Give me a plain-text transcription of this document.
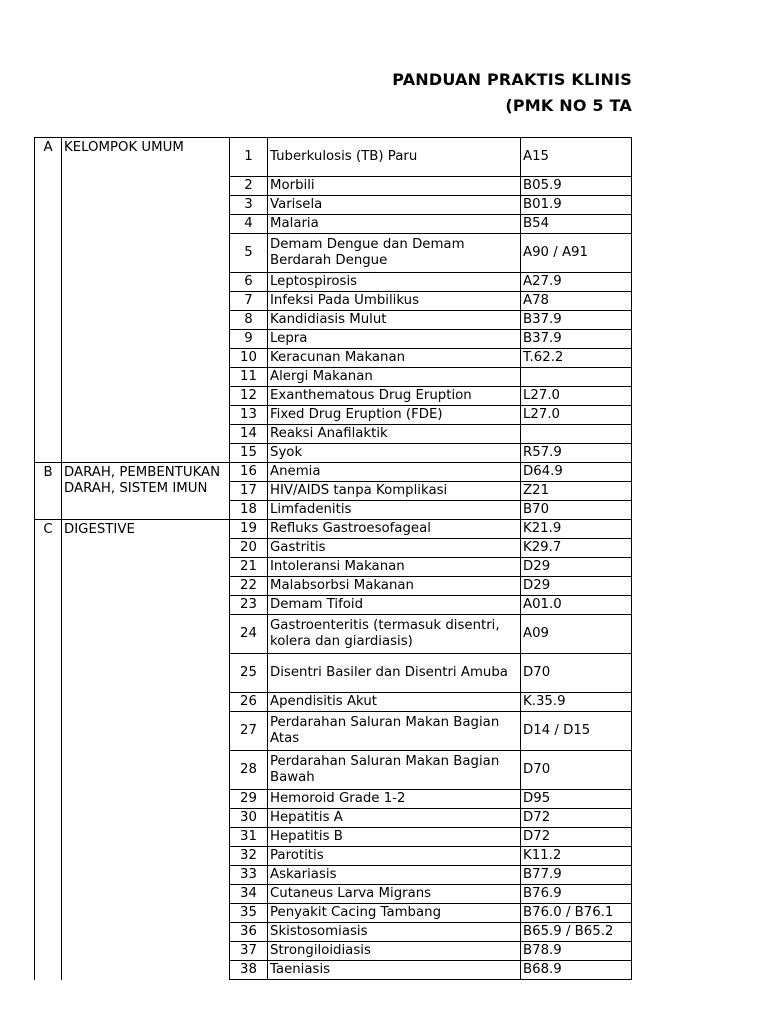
PANDUAN PRAKTIS KLINIS
(PMK NO 5 TA
A	KELOMPOK UMUM	1	Tuberkulosis (TB) Paru	A15
		2	Morbili	B05.9
		3	Varisela	B01.9
		4	Malaria	B54
		5	Demam Dengue dan Demam Berdarah Dengue	A90 / A91
		6	Leptospirosis	A27.9
		7	Infeksi Pada Umbilikus	A78
		8	Kandidiasis Mulut	B37.9
		9	Lepra	B37.9
		10	Keracunan Makanan	T.62.2
		11	Alergi Makanan	
		12	Exanthematous Drug Eruption	L27.0
		13	Fixed Drug Eruption (FDE)	L27.0
		14	Reaksi Anafilaktik	
		15	Syok	R57.9
B	DARAH, PEMBENTUKAN DARAH, SISTEM IMUN	16	Anemia	D64.9
		17	HIV/AIDS tanpa Komplikasi	Z21
		18	Limfadenitis	B70
C	DIGESTIVE	19	Refluks Gastroesofageal	K21.9
		20	Gastritis	K29.7
		21	Intoleransi Makanan	D29
		22	Malabsorbsi Makanan	D29
		23	Demam Tifoid	A01.0
		24	Gastroenteritis (termasuk disentri, kolera dan giardiasis)	A09
		25	Disentri Basiler dan Disentri Amuba	D70
		26	Apendisitis Akut	K.35.9
		27	Perdarahan Saluran Makan Bagian Atas	D14 / D15
		28	Perdarahan Saluran Makan Bagian Bawah	D70
		29	Hemoroid Grade 1-2	D95
		30	Hepatitis A	D72
		31	Hepatitis B	D72
		32	Parotitis	K11.2
		33	Askariasis	B77.9
		34	Cutaneus Larva Migrans	B76.9
		35	Penyakit Cacing Tambang	B76.0 / B76.1
		36	Skistosomiasis	B65.9 / B65.2
		37	Strongiloidiasis	B78.9
		38	Taeniasis	B68.9
